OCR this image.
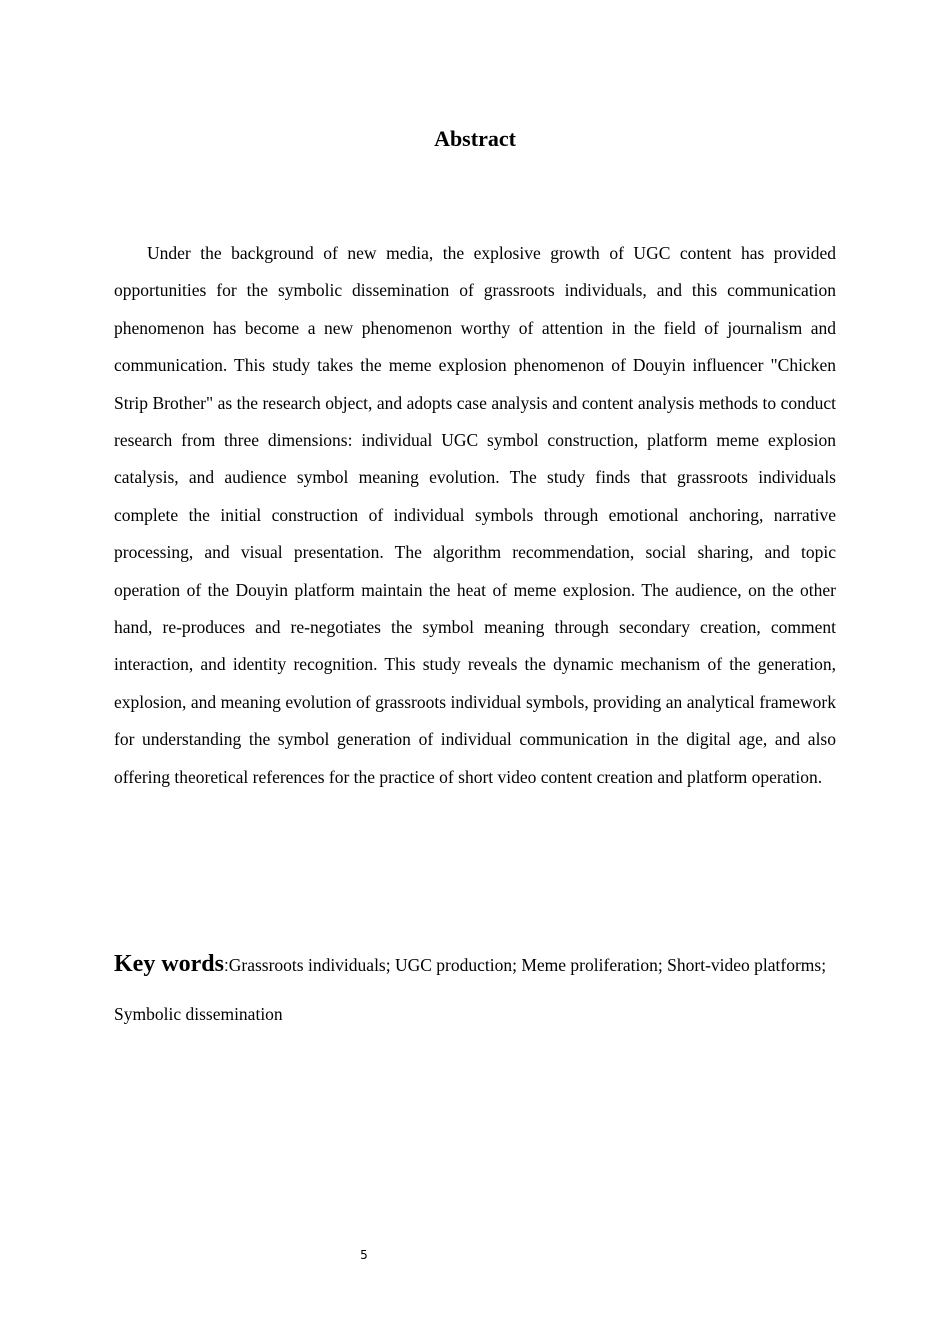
Abstract

Under the background of new media, the explosive growth of UGC content has provided opportunities for the symbolic dissemination of grassroots individuals, and this communication phenomenon has become a new phenomenon worthy of attention in the field of journalism and communication. This study takes the meme explosion phenomenon of Douyin influencer "Chicken Strip Brother" as the research object, and adopts case analysis and content analysis methods to conduct research from three dimensions: individual UGC symbol construction, platform meme explosion catalysis, and audience symbol meaning evolution. The study finds that grassroots individuals complete the initial construction of individual symbols through emotional anchoring, narrative processing, and visual presentation. The algorithm recommendation, social sharing, and topic operation of the Douyin platform maintain the heat of meme explosion. The audience, on the other hand, re-produces and re-negotiates the symbol meaning through secondary creation, comment interaction, and identity recognition. This study reveals the dynamic mechanism of the generation, explosion, and meaning evolution of grassroots individual symbols, providing an analytical framework for understanding the symbol generation of individual communication in the digital age, and also offering theoretical references for the practice of short video content creation and platform operation.

Key words:Grassroots individuals; UGC production; Meme proliferation; Short-video platforms; Symbolic dissemination

5
